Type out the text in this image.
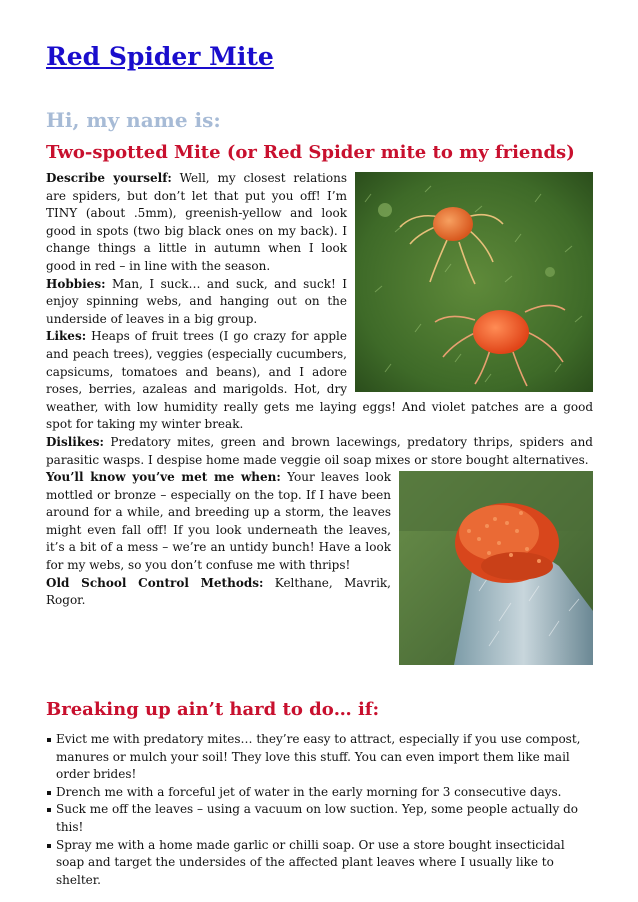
Red Spider Mite
Hi, my name is:
Two-spotted Mite (or Red Spider mite to my friends)

Describe yourself: Well, my closest relations are spiders, but don’t let that put you off! I’m TINY (about .5mm), greenish-yellow and look good in spots (two big black ones on my back). I change things a little in autumn when I look good in red – in line with the season.

Hobbies: Man, I suck… and suck, and suck! I enjoy spinning webs, and hanging out on the underside of leaves in a big group.

Likes: Heaps of fruit trees (I go crazy for apple and peach trees), veggies (especially cucumbers, capsicums, tomatoes and beans), and I adore roses, berries, azaleas and marigolds. Hot, dry weather, with low humidity really gets me laying eggs! And violet patches are a good spot for taking my winter break.

Dislikes: Predatory mites, green and brown lacewings, predatory thrips, spiders and parasitic wasps. I despise home made veggie oil soap mixes or store bought alternatives.

You’ll know you’ve met me when: Your leaves look mottled or bronze – especially on the top. If I have been around for a while, and breeding up a storm, the leaves might even fall off! If you look underneath the leaves, it’s a bit of a mess – we’re an untidy bunch! Have a look for my webs, so you don’t confuse me with thrips!

Old School Control Methods: Kelthane, Mavrik, Rogor.

Breaking up ain’t hard to do… if:
Evict me with predatory mites… they’re easy to attract, especially if you use compost, manures or mulch your soil! They love this stuff. You can even import them like mail order brides!
Drench me with a forceful jet of water in the early morning for 3 consecutive days.
Suck me off the leaves – using a vacuum on low suction. Yep, some people actually do this!
Spray me with a home made garlic or chilli soap. Or use a store bought insecticidal soap and target the undersides of the affected plant leaves where I usually like to shelter.
